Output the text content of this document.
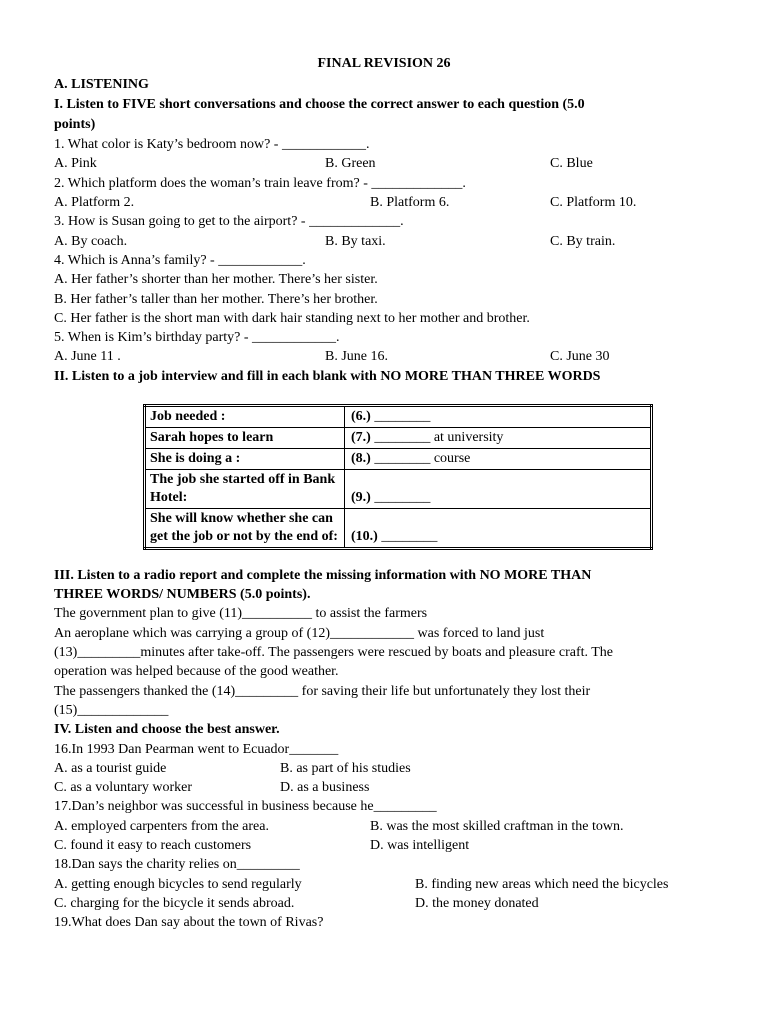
FINAL REVISION 26
A. LISTENING
I. Listen to FIVE short conversations and choose the correct answer to each question (5.0
points)
1. What color is Katy’s bedroom now? - ____________.
A. Pink	B. Green	C. Blue
2. Which platform does the woman’s train leave from? - _____________.
A. Platform 2.	B. Platform 6.	C. Platform 10.
3. How is Susan going to get to the airport? - _____________.
A. By coach.	B. By taxi.	C. By train.
4. Which is Anna’s family? - ____________.
A. Her father’s shorter than her mother. There’s her sister.
B. Her father’s taller than her mother. There’s her brother.
C. Her father is the short man with dark hair standing next to her mother and brother.
5. When is Kim’s birthday party? - ____________.
A. June 11 .	B. June 16.	C. June 30
II. Listen to a job interview and fill in each blank with NO MORE THAN THREE WORDS
Job needed :	(6.) ________
Sarah hopes to learn	(7.) ________ at university
She is doing a :	(8.) ________ course
The job she started off in Bank Hotel:	(9.) ________
She will know whether she can get the job or not by the end of:	(10.) ________
III. Listen to a radio report and complete the missing information with NO MORE THAN
THREE WORDS/ NUMBERS (5.0 points).
The government plan to give (11)__________ to assist the farmers
An aeroplane which was carrying a group of (12)____________ was forced to land just
(13)_________minutes after take-off. The passengers were rescued by boats and pleasure craft. The
operation was helped because of the good weather.
The passengers thanked the (14)_________ for saving their life but unfortunately they lost their
(15)_____________
IV. Listen and choose the best answer.
16.In 1993 Dan Pearman went to Ecuador_______
A. as a tourist guide	B. as part of his studies
C. as a voluntary worker	D. as a business
17.Dan’s neighbor was successful in business because he_________
A. employed carpenters from the area.	B. was the most skilled craftman in the town.
C. found it easy to reach customers	D. was intelligent
18.Dan says the charity relies on_________
A. getting enough bicycles to send regularly	B. finding new areas which need the bicycles
C. charging for the bicycle it sends abroad.	D. the money donated
19.What does Dan say about the town of Rivas?
